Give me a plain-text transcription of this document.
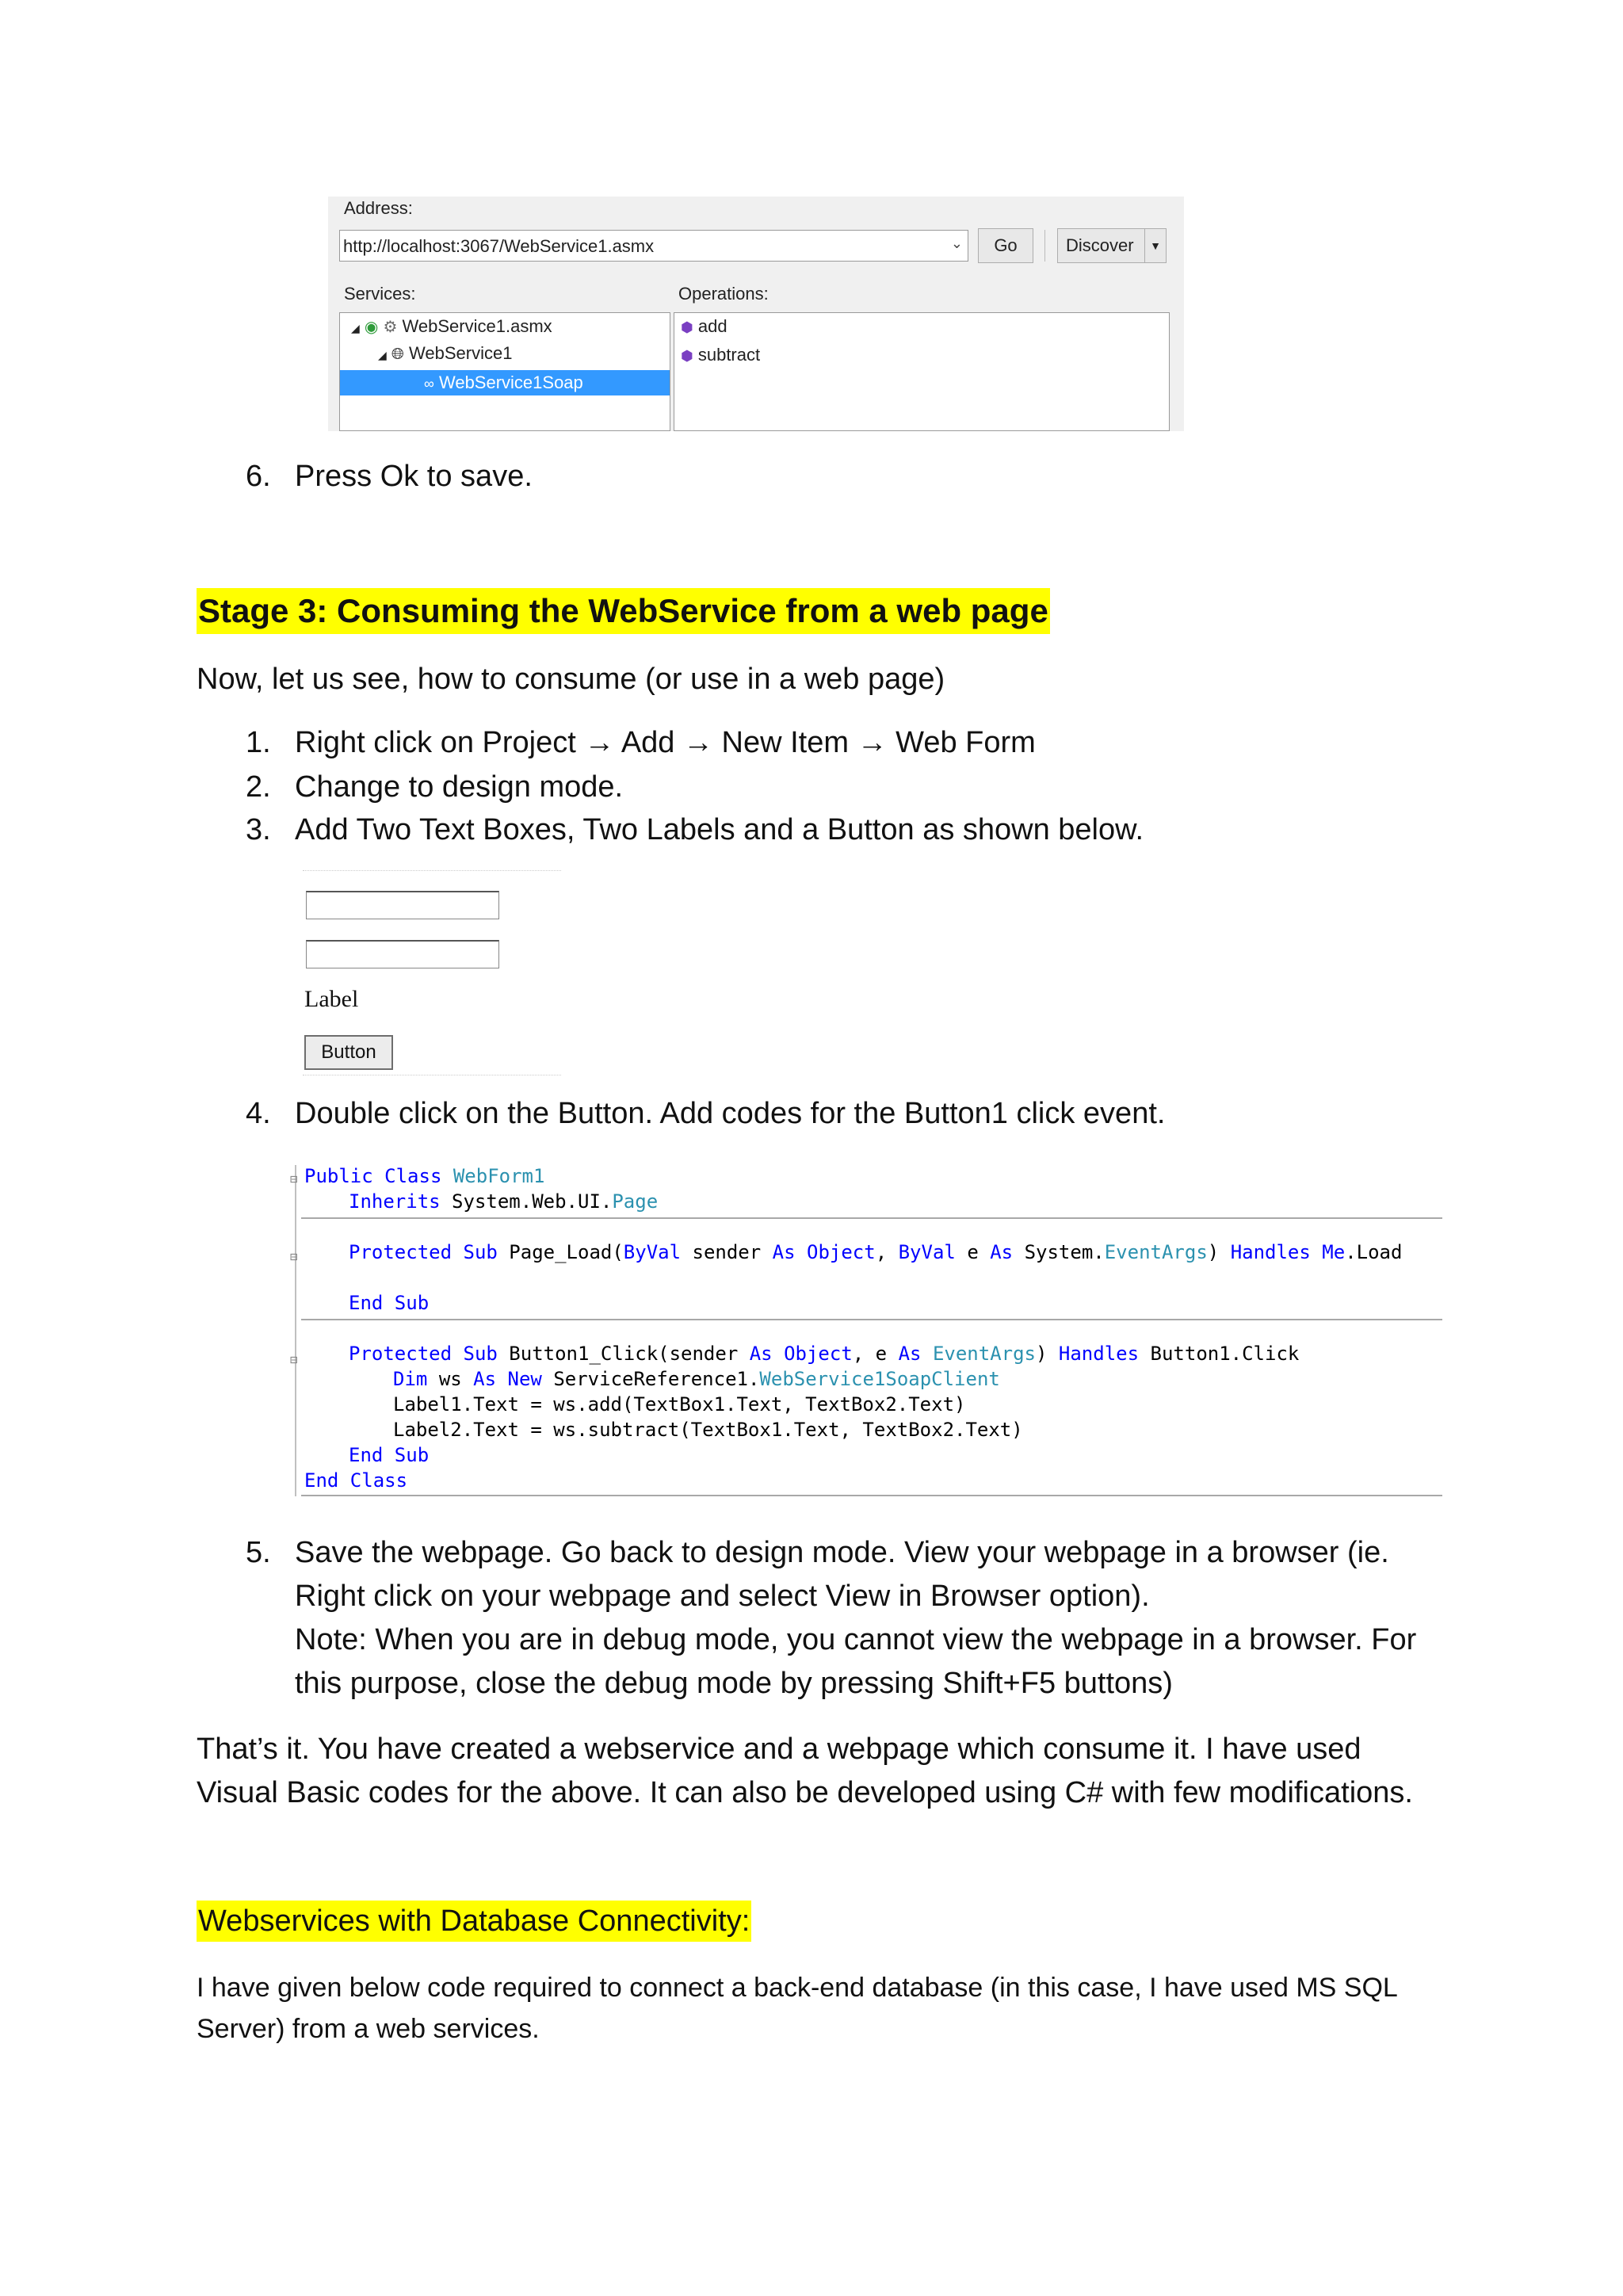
Address:
http://localhost:3067/WebService1.asmx	⌄	Go	Discover	▼
Services:	Operations:
◢ ◉ ⚙ WebService1.asmx
◢ 🌐︎ WebService1
∞ WebService1Soap
⬢ add
⬢ subtract
6. Press Ok to save.
Stage 3: Consuming the WebService from a web page
Now, let us see, how to consume (or use in a web page)
1. Right click on Project → Add → New Item → Web Form
2. Change to design mode.
3. Add Two Text Boxes, Two Labels and a Button as shown below.
Label
Button
4. Double click on the Button. Add codes for the Button1 click event.
⊟
⊟
⊟
Public Class WebForm1
Inherits System.Web.UI.Page
Protected Sub Page_Load(ByVal sender As Object, ByVal e As System.EventArgs) Handles Me.Load
End Sub
Protected Sub Button1_Click(sender As Object, e As EventArgs) Handles Button1.Click
Dim ws As New ServiceReference1.WebService1SoapClient
Label1.Text = ws.add(TextBox1.Text, TextBox2.Text)
Label2.Text = ws.subtract(TextBox1.Text, TextBox2.Text)
End Sub
End Class
5. Save the webpage. Go back to design mode. View your webpage in a browser (ie.
Right click on your webpage and select View in Browser option).
Note: When you are in debug mode, you cannot view the webpage in a browser. For
this purpose, close the debug mode by pressing Shift+F5 buttons)
That’s it. You have created a webservice and a webpage which consume it. I have used
Visual Basic codes for the above. It can also be developed using C# with few modifications.
Webservices with Database Connectivity:
I have given below code required to connect a back-end database (in this case, I have used MS SQL
Server) from a web services.
